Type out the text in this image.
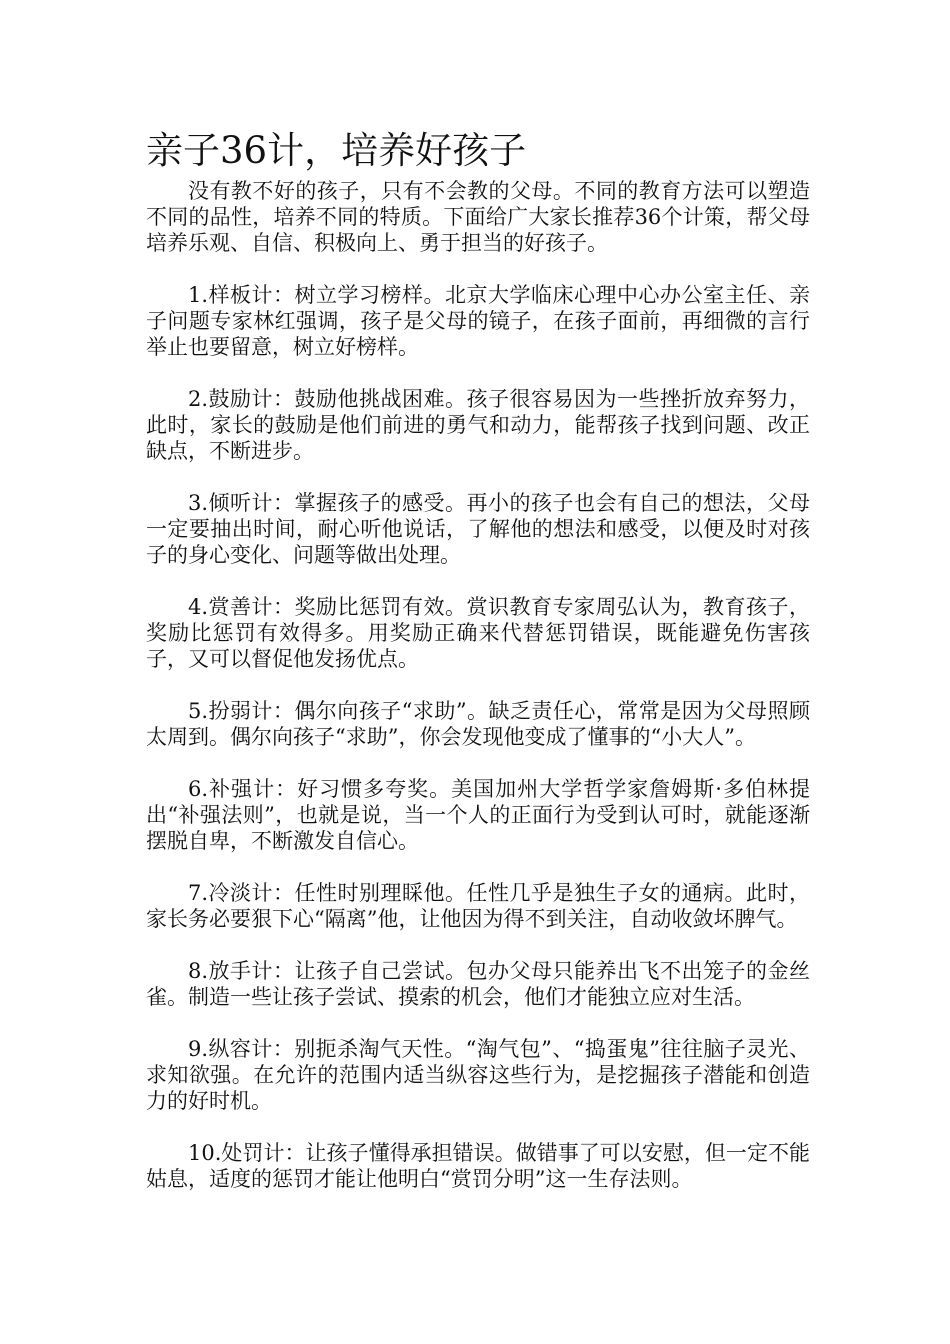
亲子36计，培养好孩子

没有教不好的孩子，只有不会教的父母。不同的教育方法可以塑造不同的品性，培养不同的特质。下面给广大家长推荐36个计策，帮父母培养乐观、自信、积极向上、勇于担当的好孩子。

1.样板计：树立学习榜样。北京大学临床心理中心办公室主任、亲子问题专家林红强调，孩子是父母的镜子，在孩子面前，再细微的言行举止也要留意，树立好榜样。

2.鼓励计：鼓励他挑战困难。孩子很容易因为一些挫折放弃努力，此时，家长的鼓励是他们前进的勇气和动力，能帮孩子找到问题、改正缺点，不断进步。

3.倾听计：掌握孩子的感受。再小的孩子也会有自己的想法，父母一定要抽出时间，耐心听他说话，了解他的想法和感受，以便及时对孩子的身心变化、问题等做出处理。

4.赏善计：奖励比惩罚有效。赏识教育专家周弘认为，教育孩子，奖励比惩罚有效得多。用奖励正确来代替惩罚错误，既能避免伤害孩子，又可以督促他发扬优点。

5.扮弱计：偶尔向孩子“求助”。缺乏责任心，常常是因为父母照顾太周到。偶尔向孩子“求助”，你会发现他变成了懂事的“小大人”。

6.补强计：好习惯多夸奖。美国加州大学哲学家詹姆斯·多伯林提出“补强法则”，也就是说，当一个人的正面行为受到认可时，就能逐渐摆脱自卑，不断激发自信心。

7.冷淡计：任性时别理睬他。任性几乎是独生子女的通病。此时，家长务必要狠下心“隔离”他，让他因为得不到关注，自动收敛坏脾气。

8.放手计：让孩子自己尝试。包办父母只能养出飞不出笼子的金丝雀。制造一些让孩子尝试、摸索的机会，他们才能独立应对生活。

9.纵容计：别扼杀淘气天性。“淘气包”、“捣蛋鬼”往往脑子灵光、求知欲强。在允许的范围内适当纵容这些行为，是挖掘孩子潜能和创造力的好时机。

10.处罚计：让孩子懂得承担错误。做错事了可以安慰，但一定不能姑息，适度的惩罚才能让他明白“赏罚分明”这一生存法则。
